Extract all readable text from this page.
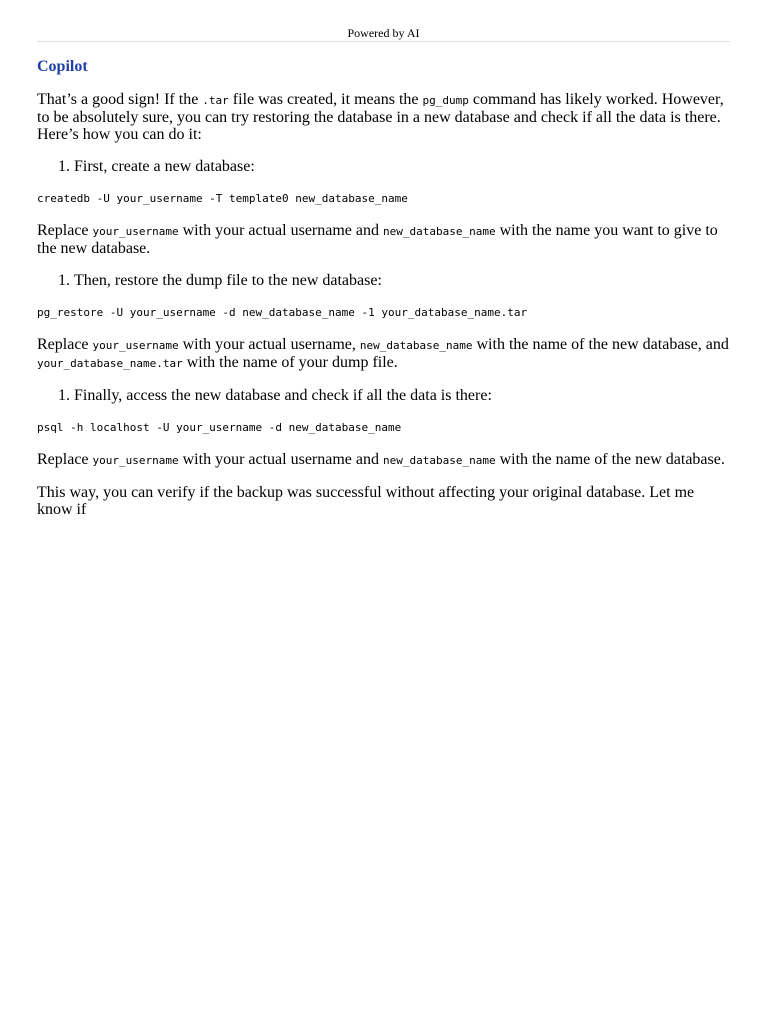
Powered by AI
Copilot

That’s a good sign! If the .tar file was created, it means the pg_dump command has likely worked. However, to be absolutely sure, you can try restoring the database in a new database and check if all the data is there. Here’s how you can do it:

1. First, create a new database:
createdb -U your_username -T template0 new_database_name

Replace your_username with your actual username and new_database_name with the name you want to give to the new database.

1. Then, restore the dump file to the new database:
pg_restore -U your_username -d new_database_name -1 your_database_name.tar

Replace your_username with your actual username, new_database_name with the name of the new database, and your_database_name.tar with the name of your dump file.

1. Finally, access the new database and check if all the data is there:
psql -h localhost -U your_username -d new_database_name

Replace your_username with your actual username and new_database_name with the name of the new database.

This way, you can verify if the backup was successful without affecting your original database. Let me know if
